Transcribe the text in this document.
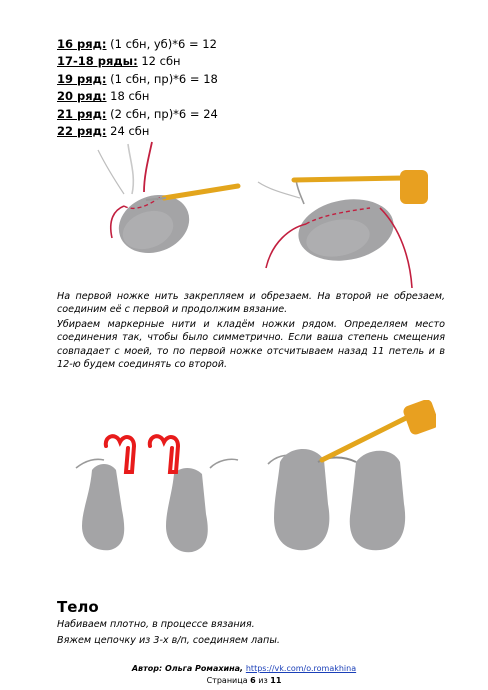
16 ряд: (1 сбн, уб)*6 = 12
17-18 ряды: 12 сбн
19 ряд: (1 сбн, пр)*6 = 18
20 ряд: 18 сбн
21 ряд: (2 сбн, пр)*6 = 24
22 ряд: 24 сбн

На первой ножке нить закрепляем и обрезаем. На второй не обрезаем, соединим её с первой и продолжим вязание.

Убираем маркерные нити и кладём ножки рядом. Определяем место соединения так, чтобы было симметрично. Если ваша степень смещения совпадает с моей, то по первой ножке отсчитываем назад 11 петель и в 12-ю будем соединять со второй.

Тело

Набиваем плотно, в процессе вязания.

Вяжем цепочку из 3-х в/п, соединяем лапы.

Автор: Ольга Ромахина, https://vk.com/o.romakhina
Страница 6 из 11
